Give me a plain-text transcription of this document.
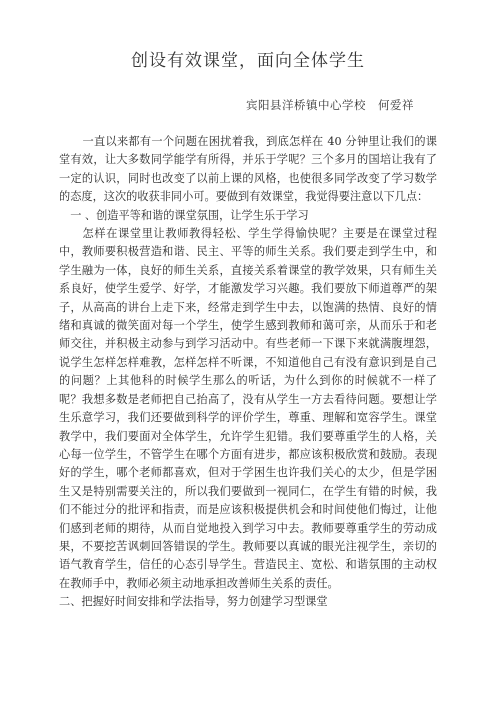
创设有效课堂，面向全体学生
宾阳县洋桥镇中心学校　何爱祥

一直以来都有一个问题在困扰着我，到底怎样在 40 分钟里让我们的课堂有效，让大多数同学能学有所得，并乐于学呢？三个多月的国培让我有了一定的认识，同时也改变了以前上课的风格，也使很多同学改变了学习数学的态度，这次的收获非同小可。要做到有效课堂，我觉得要注意以下几点：

一 、创造平等和谐的课堂氛围，让学生乐于学习

怎样在课堂里让教师教得轻松、学生学得愉快呢？主要是在课堂过程中，教师要积极营造和谐、民主、平等的师生关系。我们要走到学生中，和学生融为一体，良好的师生关系，直接关系着课堂的教学效果，只有师生关系良好，使学生爱学、好学，才能激发学习兴趣。我们要放下师道尊严的架子，从高高的讲台上走下来，经常走到学生中去，以饱满的热情、良好的情绪和真诚的微笑面对每一个学生，使学生感到教师和蔼可亲，从而乐于和老师交往，并积极主动参与到学习活动中。有些老师一下课下来就满腹埋怨，说学生怎样怎样难教，怎样怎样不听课，不知道他自己有没有意识到是自己的问题？上其他科的时候学生那么的听话，为什么到你的时候就不一样了呢？我想多数是老师把自己抬高了，没有从学生一方去看待问题。要想让学生乐意学习，我们还要做到科学的评价学生，尊重、理解和宽容学生。课堂教学中，我们要面对全体学生，允许学生犯错。我们要尊重学生的人格，关心每一位学生，不管学生在哪个方面有进步，都应该积极欣赏和鼓励。表现好的学生，哪个老师都喜欢，但对于学困生也许我们关心的太少，但是学困生又是特别需要关注的，所以我们要做到一视同仁，在学生有错的时候，我们不能过分的批评和指责，而是应该积极提供机会和时间使他们悔过，让他们感到老师的期待，从而自觉地投入到学习中去。教师要尊重学生的劳动成果，不要挖苦讽刺回答错误的学生。教师要以真诚的眼光注视学生，亲切的语气教育学生，信任的心态引导学生。营造民主、宽松、和谐氛围的主动权在教师手中，教师必须主动地承担改善师生关系的责任。

二、把握好时间安排和学法指导，努力创建学习型课堂
